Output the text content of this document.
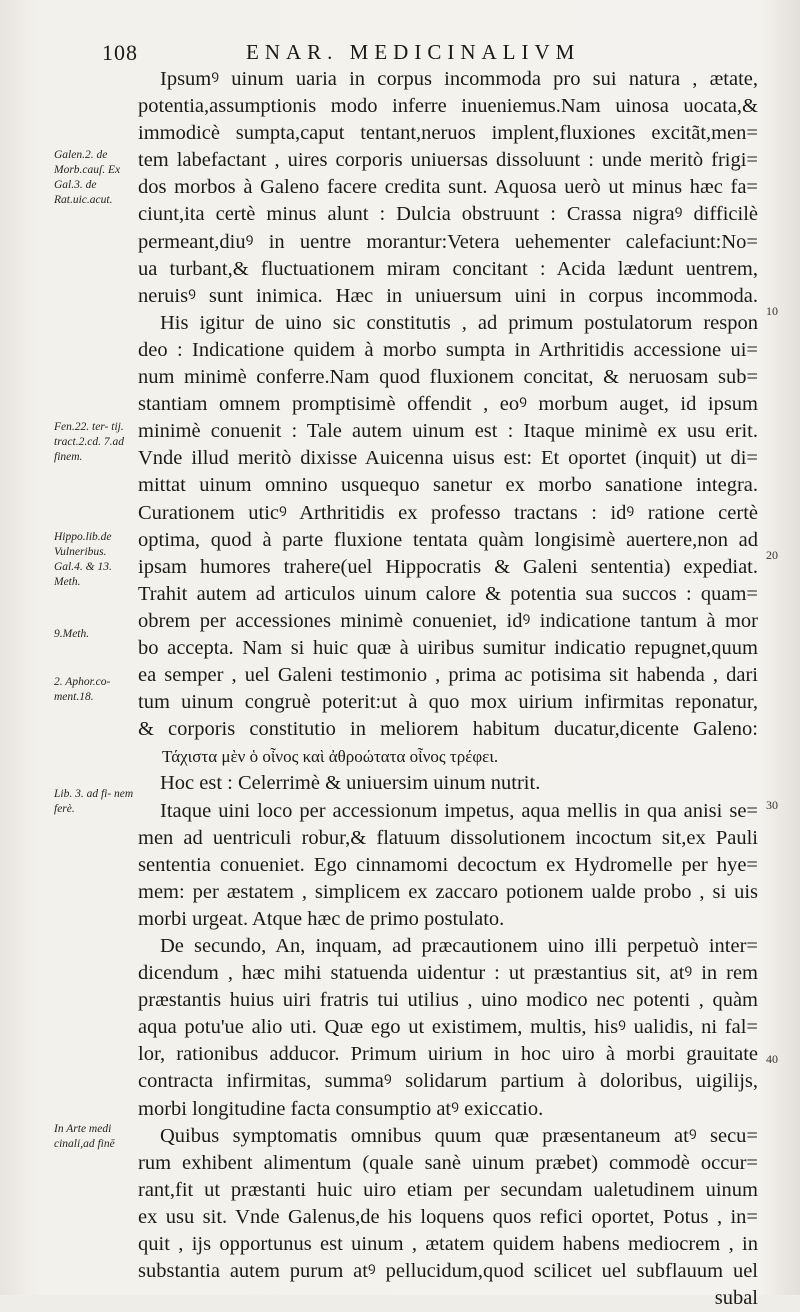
108	ENAR. MEDICINALIVM
Ipsumꝰ uinum uaria in corpus incommoda pro sui natura , ætate,
potentia,assumptionis modo inferre inueniemus.Nam uinosa uocata,&
immodicè sumpta,caput tentant,neruos implent,fluxiones excitãt,men=
tem labefactant , uires corporis uniuersas dissoluunt : unde meritò frigi=
dos morbos à Galeno facere credita sunt. Aquosa uerò ut minus hæc fa=
ciunt,ita certè minus alunt : Dulcia obstruunt : Crassa nigraꝰ difficilè
permeant,diuꝰ in uentre morantur:Vetera uehementer calefaciunt:No=
ua turbant,& fluctuationem miram concitant : Acida lædunt uentrem,
neruisꝰ sunt inimica. Hæc in uniuersum uini in corpus incommoda.
His igitur de uino sic constitutis , ad primum postulatorum respon
deo : Indicatione quidem à morbo sumpta in Arthritidis accessione ui=
num minimè conferre.Nam quod fluxionem concitat, & neruosam sub=
stantiam omnem promptisimè offendit , eoꝰ morbum auget, id ipsum
minimè conuenit : Tale autem uinum est : Itaque minimè ex usu erit.
Vnde illud meritò dixisse Auicenna uisus est: Et oportet (inquit) ut di=
mittat uinum omnino usquequo sanetur ex morbo sanatione integra.
Curationem uticꝰ Arthritidis ex professo tractans : idꝰ ratione certè
optima, quod à parte fluxione tentata quàm longisimè auertere,non ad
ipsam humores trahere(uel Hippocratis & Galeni sententia) expediat.
Trahit autem ad articulos uinum calore & potentia sua succos : quam=
obrem per accessiones minimè conueniet, idꝰ indicatione tantum à mor
bo accepta. Nam si huic quæ à uiribus sumitur indicatio repugnet,quum
ea semper , uel Galeni testimonio , prima ac potisima sit habenda , dari
tum uinum congruè poterit:ut à quo mox uirium infirmitas reponatur,
& corporis constitutio in meliorem habitum ducatur,dicente Galeno:
Τάχιστα μὲν ὁ οἶνος καὶ ἀθροώτατα οἶνος τρέφει.
Hoc est : Celerrimè & uniuersim uinum nutrit.
Itaque uini loco per accessionum impetus, aqua mellis in qua anisi se=
men ad uentriculi robur,& flatuum dissolutionem incoctum sit,ex Pauli
sententia conueniet. Ego cinnamomi decoctum ex Hydromelle per hye=
mem: per æstatem , simplicem ex zaccaro potionem ualde probo , si uis
morbi urgeat. Atque hæc de primo postulato.
De secundo, An, inquam, ad præcautionem uino illi perpetuò inter=
dicendum , hæc mihi statuenda uidentur : ut præstantius sit, atꝰ in rem
præstantis huius uiri fratris tui utilius , uino modico nec potenti , quàm
aqua potu'ue alio uti. Quæ ego ut existimem, multis, hisꝰ ualidis, ni fal=
lor, rationibus adducor. Primum uirium in hoc uiro à morbi grauitate
contracta infirmitas, summaꝰ solidarum partium à doloribus, uigilijs,
morbi longitudine facta consumptio atꝰ exiccatio.
Quibus symptomatis omnibus quum quæ præsentaneum atꝰ secu=
rum exhibent alimentum (quale sanè uinum præbet) commodè occur=
rant,fit ut præstanti huic uiro etiam per secundam ualetudinem uinum
ex usu sit. Vnde Galenus,de his loquens quos refici oportet, Potus , in=
quit , ijs opportunus est uinum , ætatem quidem habens mediocrem , in
substantia autem purum atꝰ pellucidum,quod scilicet uel subflauum uel
subal
Galen.2. de Morb.cauſ. Ex Gal.3. de Rat.uic.acut.
Fen.22. ter- tij. tract.2.cd. 7.ad finem.
Hippo.lib.de Vulneribus. Gal.4. & 13. Meth.
9.Meth.
2. Aphor.co- ment.18.
Lib. 3. ad fi- nem ferè.
In Arte medi cinali,ad finē
10
20
30
40
